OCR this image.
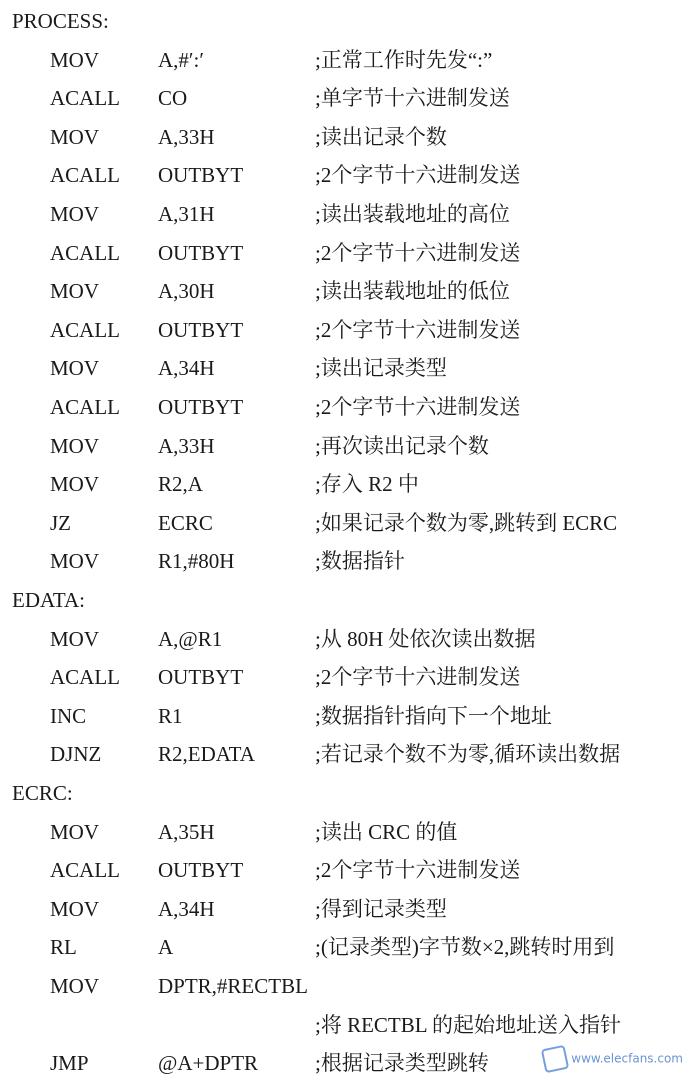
PROCESS:
MOV	A,#′:′	;正常工作时先发“:”
ACALL CO	;单字节十六进制发送
MOV	A,33H	;读出记录个数
ACALL OUTBYT	;2个字节十六进制发送
MOV	A,31H	;读出装载地址的高位
ACALL OUTBYT	;2个字节十六进制发送
MOV	A,30H	;读出装载地址的低位
ACALL OUTBYT	;2个字节十六进制发送
MOV	A,34H	;读出记录类型
ACALL OUTBYT	;2个字节十六进制发送
MOV	A,33H	;再次读出记录个数
MOV	R2,A	;存入 R2 中
JZ	ECRC	;如果记录个数为零,跳转到 ECRC
MOV	R1,#80H	;数据指针
EDATA:
MOV	A,@R1	;从 80H 处依次读出数据
ACALL OUTBYT	;2个字节十六进制发送
INC	R1	;数据指针指向下一个地址
DJNZ	R2,EDATA	;若记录个数不为零,循环读出数据
ECRC:
MOV	A,35H	;读出 CRC 的值
ACALL OUTBYT	;2个字节十六进制发送
MOV	A,34H	;得到记录类型
RL	A	;(记录类型)字节数×2,跳转时用到
MOV	DPTR,#RECTBL
;将 RECTBL 的起始地址送入指针
JMP	@A+DPTR	;根据记录类型跳转	www.elecfans.com
